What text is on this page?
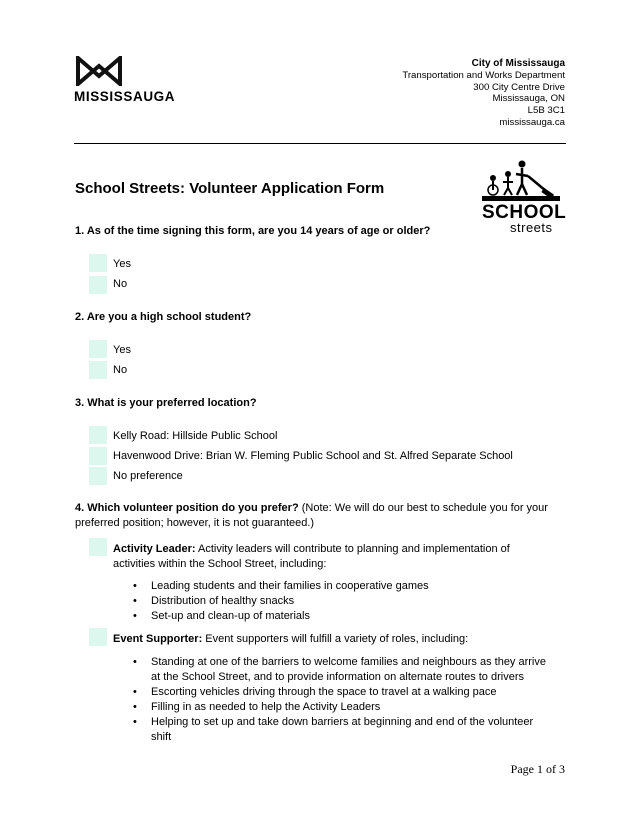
MISSISSAUGA
City of Mississauga
Transportation and Works Department
300 City Centre Drive
Mississauga, ON
L5B 3C1
mississauga.ca
School Streets: Volunteer Application Form
SCHOOL
streets
1. As of the time signing this form, are you 14 years of age or older?
Yes
No
2. Are you a high school student?
Yes
No
3. What is your preferred location?
Kelly Road: Hillside Public School
Havenwood Drive: Brian W. Fleming Public School and St. Alfred Separate School
No preference
4. Which volunteer position do you prefer? (Note: We will do our best to schedule you for your preferred position; however, it is not guaranteed.)
Activity Leader: Activity leaders will contribute to planning and implementation of activities within the School Street, including:
• Leading students and their families in cooperative games
• Distribution of healthy snacks
• Set-up and clean-up of materials
Event Supporter: Event supporters will fulfill a variety of roles, including:
• Standing at one of the barriers to welcome families and neighbours as they arrive at the School Street, and to provide information on alternate routes to drivers
• Escorting vehicles driving through the space to travel at a walking pace
• Filling in as needed to help the Activity Leaders
• Helping to set up and take down barriers at beginning and end of the volunteer shift
Page 1 of 3
